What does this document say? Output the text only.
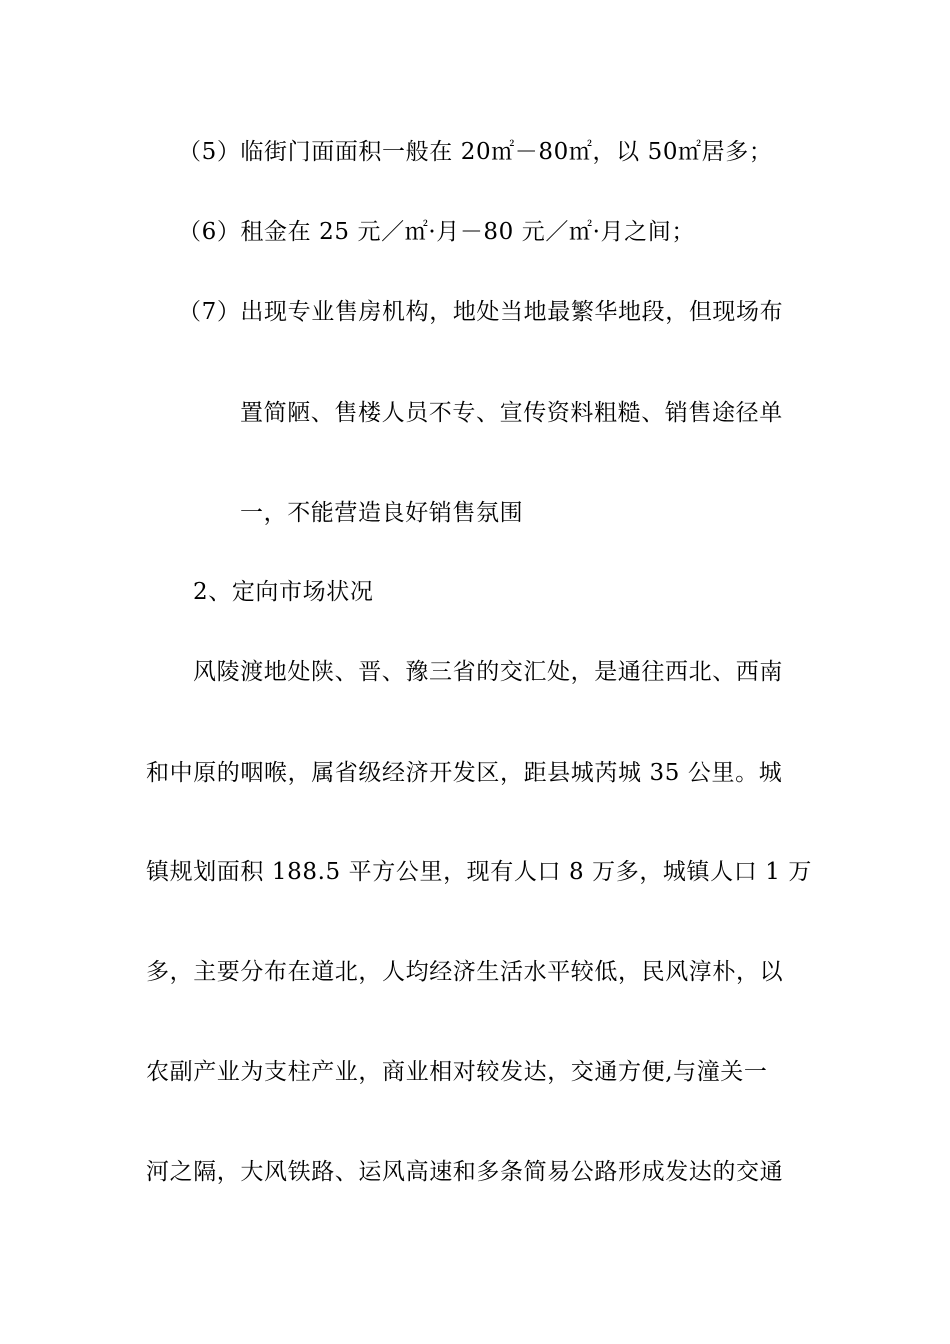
（5）临街门面面积一般在 20㎡－80㎡，以 50㎡居多；
（6）租金在 25 元／㎡·月－80 元／㎡·月之间；
（7）出现专业售房机构，地处当地最繁华地段，但现场布
置简陋、售楼人员不专、宣传资料粗糙、销售途径单
一，不能营造良好销售氛围
2、定向市场状况
风陵渡地处陕、晋、豫三省的交汇处，是通往西北、西南
和中原的咽喉，属省级经济开发区，距县城芮城 35 公里。城
镇规划面积 188.5 平方公里，现有人口 8 万多，城镇人口 1 万
多，主要分布在道北，人均经济生活水平较低，民风淳朴，以
农副产业为支柱产业，商业相对较发达，交通方便,与潼关一
河之隔，大风铁路、运风高速和多条简易公路形成发达的交通
